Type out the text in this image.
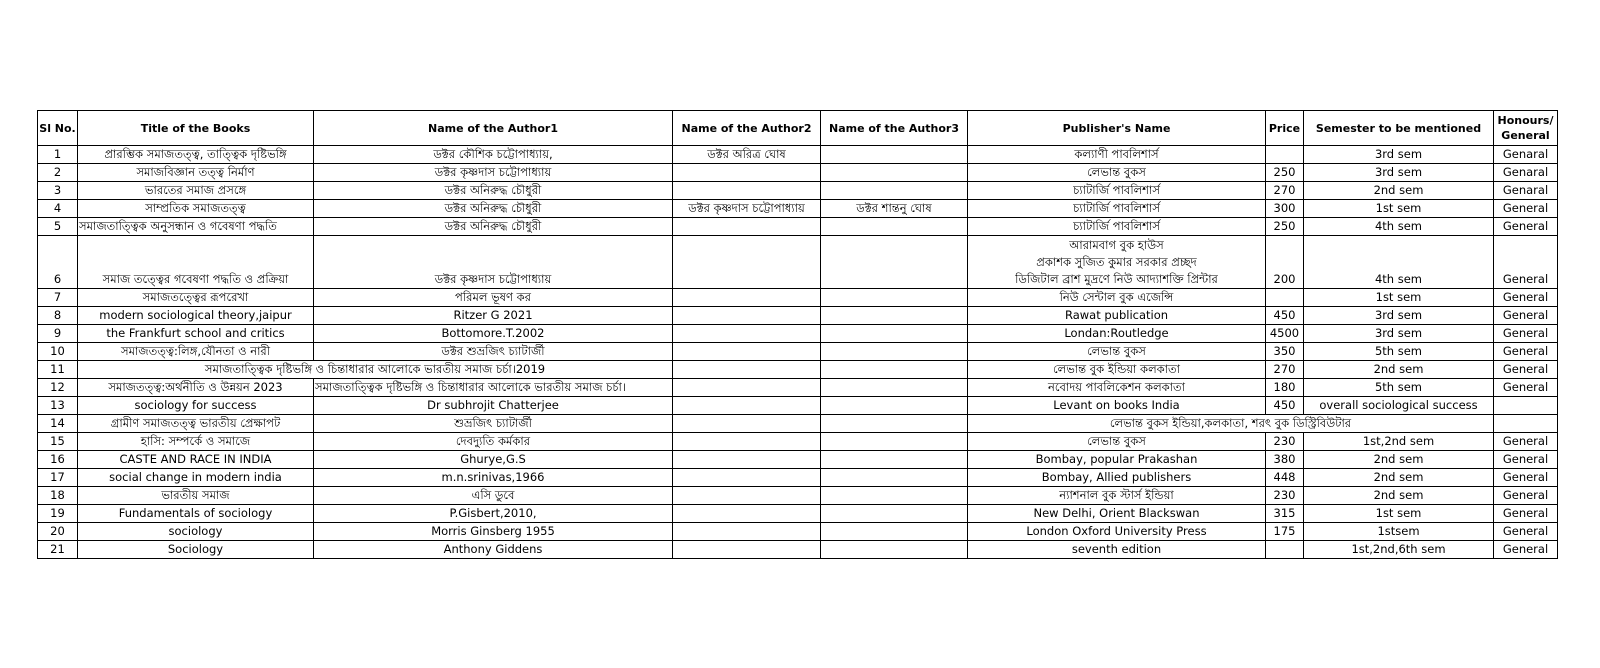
Sl No.	Title of the Books	Name of the Author1	Name of the Author2	Name of the Author3	Publisher's Name	Price	Semester to be mentioned	Honours/ General
1	প্রারম্ভিক সমাজতত্ত্ব, তাত্ত্বিক দৃষ্টিভঙ্গি	ডক্টর কৌশিক চট্টোপাধ্যায়,	ডক্টর অরিত্র ঘোষ		কল্যাণী পাবলিশার্স		3rd sem	Genaral
2	সমাজবিজ্ঞান তত্ত্ব নির্মাণ	ডক্টর কৃষ্ণদাস চট্টোপাধ্যায়			লেভান্ত বুকস	250	3rd sem	Genaral
3	ভারতের সমাজ প্রসঙ্গে	ডক্টর অনিরুদ্ধ চৌধুরী			চ্যাটার্জি পাবলিশার্স	270	2nd sem	Genaral
4	সাম্প্রতিক সমাজতত্ত্ব	ডক্টর অনিরুদ্ধ চৌধুরী	ডক্টর কৃষ্ণদাস চট্টোপাধ্যায়	ডক্টর শান্তনু ঘোষ	চ্যাটার্জি পাবলিশার্স	300	1st sem	General
5	সমাজতাত্ত্বিক অনুসন্ধান ও গবেষণা পদ্ধতি	ডক্টর অনিরুদ্ধ চৌধুরী			চ্যাটার্জি পাবলিশার্স	250	4th sem	General
6	সমাজ তত্ত্বের গবেষণা পদ্ধতি ও প্রক্রিয়া	ডক্টর কৃষ্ণদাস চট্টোপাধ্যায়			আরামবাগ বুক হাউস
প্রকাশক সুজিত কুমার সরকার প্রচ্ছদ
ডিজিটাল ব্রাশ মুদ্রণে নিউ আদ্যাশক্তি প্রিন্টার	200	4th sem	General
7	সমাজতত্ত্বের রূপরেখা	পরিমল ভূষণ কর			নিউ সেন্টাল বুক এজেন্সি		1st sem	General
8	modern sociological theory,jaipur	Ritzer G 2021			Rawat publication	450	3rd sem	General
9	the Frankfurt school and critics	Bottomore.T.2002			Londan:Routledge	4500	3rd sem	General
10	সমাজতত্ত্ব:লিঙ্গ,যৌনতা ও নারী	ডক্টর শুভ্রজিৎ চ্যাটার্জী			লেভান্ত বুকস	350	5th sem	General
11	সমাজতাত্ত্বিক দৃষ্টিভঙ্গি ও চিন্তাধারার আলোকে ভারতীয় সমাজ চর্চা।2019				লেভান্ত বুক ইন্ডিয়া কলকাতা	270	2nd sem	General
12	সমাজতত্ত্ব:অর্থনীতি ও উন্নয়ন 2023	সমাজতাত্ত্বিক দৃষ্টিভঙ্গি ও চিন্তাধারার আলোকে ভারতীয় সমাজ চর্চা।			নবোদয় পাবলিকেশন কলকাতা	180	5th sem	General
13	sociology for success	Dr subhrojit Chatterjee			Levant on books India	450	overall sociological success	
14	গ্রামীণ সমাজতত্ত্ব ভারতীয় প্রেক্ষাপট	শুভ্রজিৎ চ্যাটার্জী			লেভান্ত বুকস ইন্ডিয়া,কলকাতা, শরৎ বুক ডিস্ট্রিবিউটার			
15	হাসি: সম্পর্কে ও সমাজে	দেবদ্যুতি কর্মকার			লেভান্ত বুকস	230	1st,2nd sem	General
16	CASTE AND RACE IN INDIA	Ghurye,G.S			Bombay, popular Prakashan	380	2nd sem	General
17	social change in modern india	m.n.srinivas,1966			Bombay, Allied publishers	448	2nd sem	General
18	ভারতীয় সমাজ	এসি ডুবে			ন্যাশনাল বুক স্টার্স ইন্ডিয়া	230	2nd sem	General
19	Fundamentals of sociology	P.Gisbert,2010,			New Delhi, Orient Blackswan	315	1st sem	General
20	sociology	Morris Ginsberg 1955			London Oxford University Press	175	1stsem	General
21	Sociology	Anthony Giddens			seventh edition		1st,2nd,6th sem	General
